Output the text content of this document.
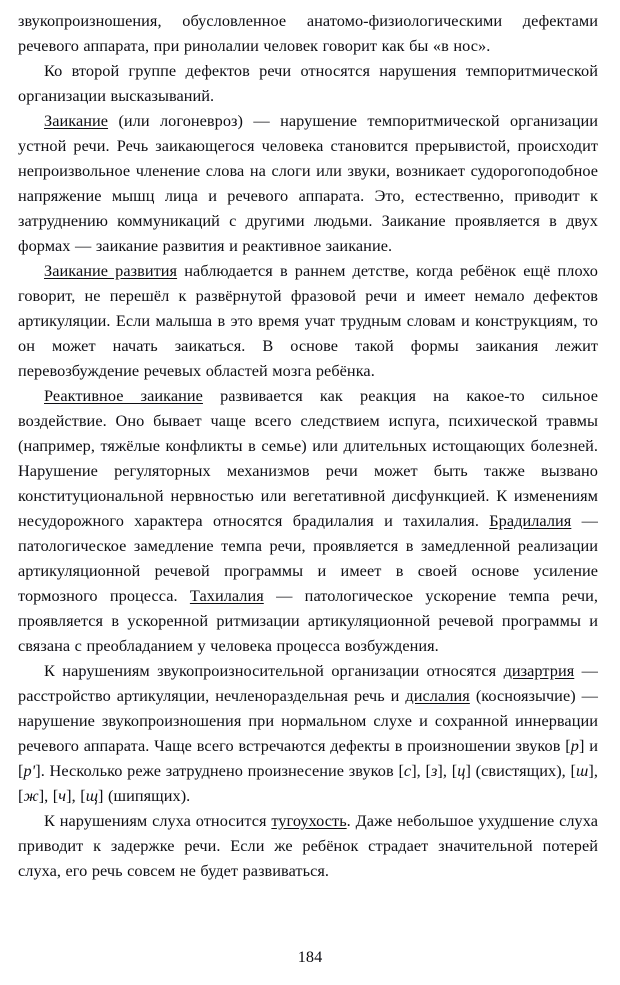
звукопроизношения, обусловленное анатомо-физиологическими дефектами речевого аппарата, при ринолалии человек говорит как бы «в нос».

Ко второй группе дефектов речи относятся нарушения темпоритмической организации высказываний.

Заикание (или логоневроз) — нарушение темпоритмической организации устной речи. Речь заикающегося человека становится прерывистой, происходит непроизвольное членение слова на слоги или звуки, возникает судорогоподобное напряжение мышц лица и речевого аппарата. Это, естественно, приводит к затруднению коммуникаций с другими людьми. Заикание проявляется в двух формах — заикание развития и реактивное заикание.

Заикание развития наблюдается в раннем детстве, когда ребёнок ещё плохо говорит, не перешёл к развёрнутой фразовой речи и имеет немало дефектов артикуляции. Если малыша в это время учат трудным словам и конструкциям, то он может начать заикаться. В основе такой формы заикания лежит перевозбуждение речевых областей мозга ребёнка.

Реактивное заикание развивается как реакция на какое-то сильное воздействие. Оно бывает чаще всего следствием испуга, психической травмы (например, тяжёлые конфликты в семье) или длительных истощающих болезней. Нарушение регуляторных механизмов речи может быть также вызвано конституциональной нервностью или вегетативной дисфункцией. К изменениям несудорожного характера относятся брадилалия и тахилалия. Брадилалия — патологическое замедление темпа речи, проявляется в замедленной реализации артикуляционной речевой программы и имеет в своей основе усиление тормозного процесса. Тахилалия — патологическое ускорение темпа речи, проявляется в ускоренной ритмизации артикуляционной речевой программы и связана с преобладанием у человека процесса возбуждения.

К нарушениям звукопроизносительной организации относятся дизартрия — расстройство артикуляции, нечленораздельная речь и дислалия (косноязычие) — нарушение звукопроизношения при нормальном слухе и сохранной иннервации речевого аппарата. Чаще всего встречаются дефекты в произношении звуков [р] и [р']. Несколько реже затруднено произнесение звуков [с], [з], [ц] (свистящих), [ш], [ж], [ч], [щ] (шипящих).

К нарушениям слуха относится тугоухость. Даже небольшое ухудшение слуха приводит к задержке речи. Если же ребёнок страдает значительной потерей слуха, его речь совсем не будет развиваться.

184
